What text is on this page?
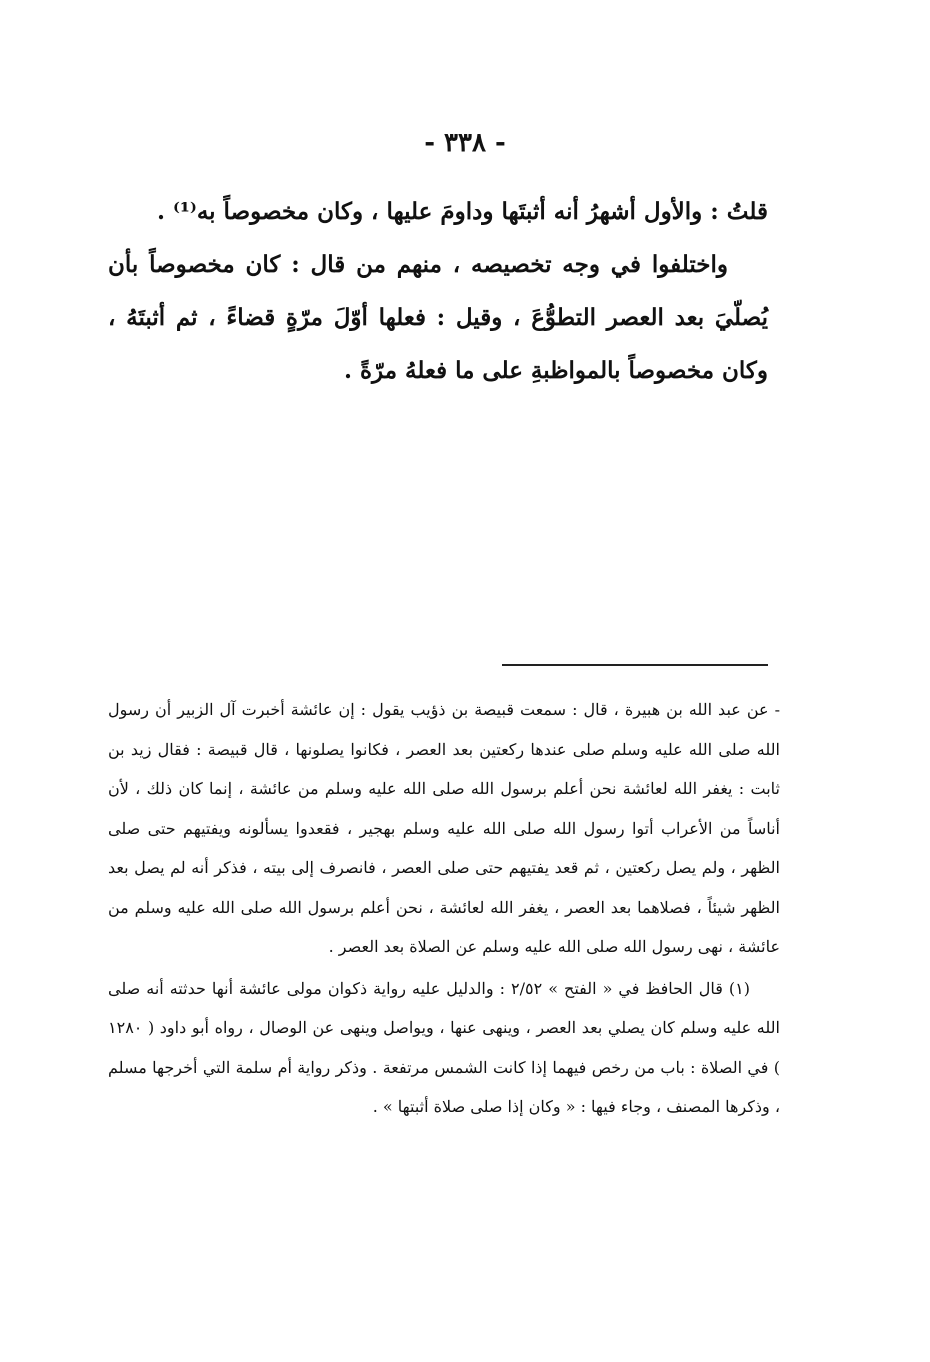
- ٣٣٨ -

قلتُ : والأول أشهرُ أنه أثبتَها وداومَ عليها ، وكان مخصوصاً به⁽¹⁾ .

واختلفوا في وجه تخصيصه ، منهم من قال : كان مخصوصاً بأن يُصلّيَ بعد العصر التطوُّعَ ، وقيل : فعلها أوّلَ مرّةٍ قضاءً ، ثم أثبتَهُ ، وكان مخصوصاً بالمواظبةِ على ما فعلهُ مرّةً .

- عن عبد الله بن هبيرة ، قال : سمعت قبيصة بن ذؤيب يقول : إن عائشة أخبرت آل الزبير أن رسول الله صلى الله عليه وسلم صلى عندها ركعتين بعد العصر ، فكانوا يصلونها ، قال قبيصة : فقال زيد بن ثابت : يغفر الله لعائشة نحن أعلم برسول الله صلى الله عليه وسلم من عائشة ، إنما كان ذلك ، لأن أناساً من الأعراب أتوا رسول الله صلى الله عليه وسلم بهجير ، فقعدوا يسألونه ويفتيهم حتى صلى الظهر ، ولم يصل ركعتين ، ثم قعد يفتيهم حتى صلى العصر ، فانصرف إلى بيته ، فذكر أنه لم يصل بعد الظهر شيئاً ، فصلاهما بعد العصر ، يغفر الله لعائشة ، نحن أعلم برسول الله صلى الله عليه وسلم من عائشة ، نهى رسول الله صلى الله عليه وسلم عن الصلاة بعد العصر .

(١) قال الحافظ في « الفتح » ٢/٥٢ : والدليل عليه رواية ذكوان مولى عائشة أنها حدثته أنه صلى الله عليه وسلم كان يصلي بعد العصر ، وينهى عنها ، ويواصل وينهى عن الوصال ، رواه أبو داود ( ١٢٨٠ ) في الصلاة : باب من رخص فيهما إذا كانت الشمس مرتفعة . وذكر رواية أم سلمة التي أخرجها مسلم ، وذكرها المصنف ، وجاء فيها : « وكان إذا صلى صلاة أثبتها » .
